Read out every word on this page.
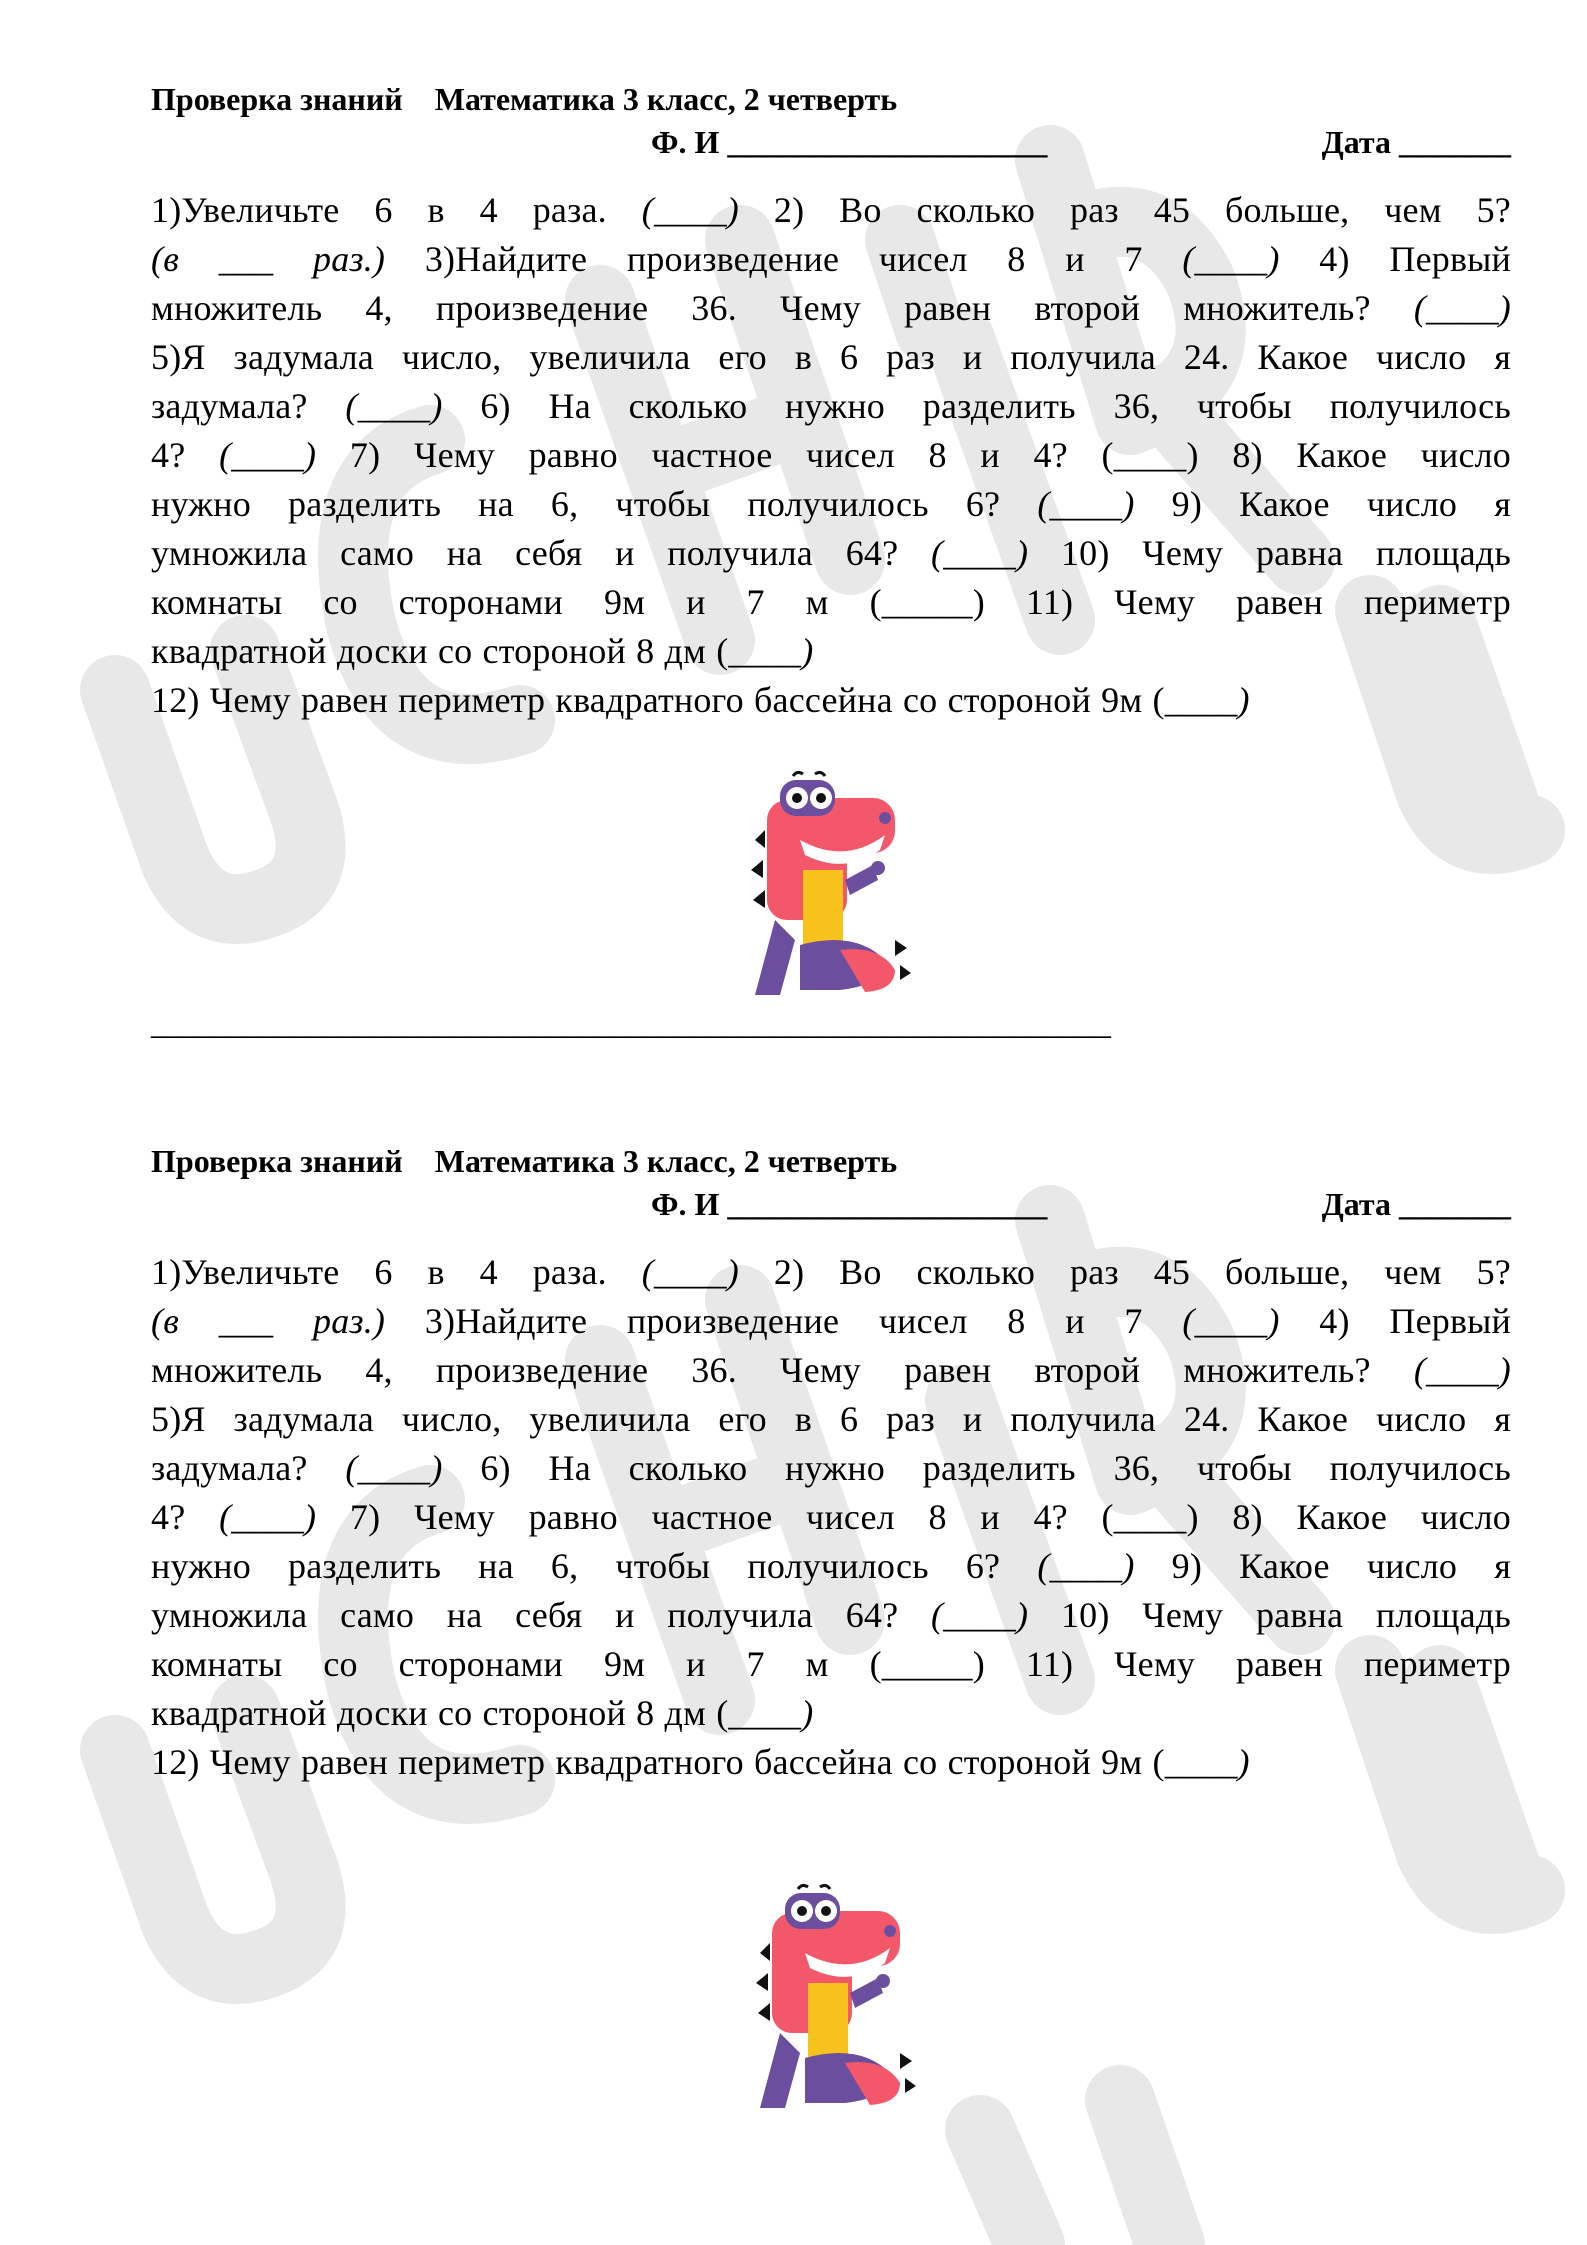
Проверка знаний Математика 3 класс, 2 четверть
Ф. И ____________________	Дата _______

1)Увеличьте 6 в 4 раза. (____) 2) Во сколько раз 45 больше, чем 5?

(в ___ раз.) 3)Найдите произведение чисел 8 и 7 (____) 4) Первый

множитель 4, произведение 36. Чему равен второй множитель? (____)

5)Я задумала число, увеличила его в 6 раз и получила 24. Какое число я

задумала? (____) 6) На сколько нужно разделить 36, чтобы получилось

4? (____) 7) Чему равно частное чисел 8 и 4? (____) 8) Какое число

нужно разделить на 6, чтобы получилось 6? (____) 9) Какое число я

умножила само на себя и получила 64? (____) 10) Чему равна площадь

комнаты со сторонами 9м и 7 м (_____) 11) Чему равен периметр

квадратной доски со стороной 8 дм (____)

12) Чему равен периметр квадратного бассейна со стороной 9м (____)

____________________________________________________________
Проверка знаний Математика 3 класс, 2 четверть
Ф. И ____________________	Дата _______

1)Увеличьте 6 в 4 раза. (____) 2) Во сколько раз 45 больше, чем 5?

(в ___ раз.) 3)Найдите произведение чисел 8 и 7 (____) 4) Первый

множитель 4, произведение 36. Чему равен второй множитель? (____)

5)Я задумала число, увеличила его в 6 раз и получила 24. Какое число я

задумала? (____) 6) На сколько нужно разделить 36, чтобы получилось

4? (____) 7) Чему равно частное чисел 8 и 4? (____) 8) Какое число

нужно разделить на 6, чтобы получилось 6? (____) 9) Какое число я

умножила само на себя и получила 64? (____) 10) Чему равна площадь

комнаты со сторонами 9м и 7 м (_____) 11) Чему равен периметр

квадратной доски со стороной 8 дм (____)

12) Чему равен периметр квадратного бассейна со стороной 9м (____)
